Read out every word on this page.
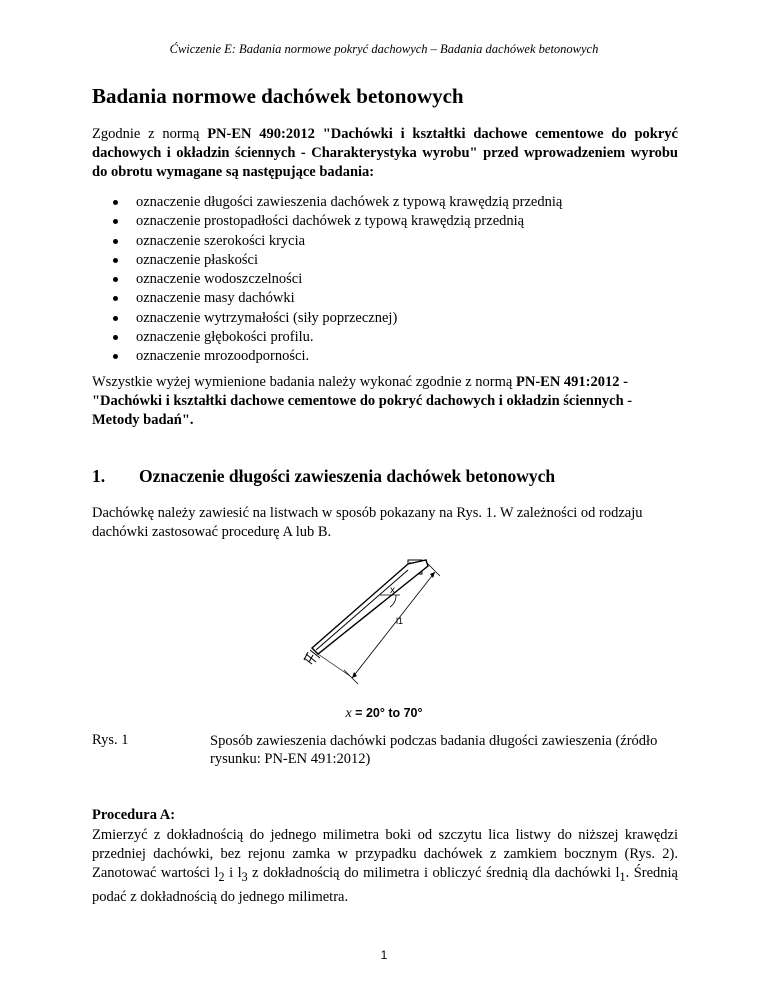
Ćwiczenie E: Badania normowe pokryć dachowych – Badania dachówek betonowych
Badania normowe dachówek betonowych

Zgodnie z normą PN-EN 490:2012 "Dachówki i kształtki dachowe cementowe do pokryć dachowych i okładzin ściennych - Charakterystyka wyrobu" przed wprowadzeniem wyrobu do obrotu wymagane są następujące badania:

oznaczenie długości zawieszenia dachówek z typową krawędzią przednią
oznaczenie prostopadłości dachówek z typową krawędzią przednią
oznaczenie szerokości krycia
oznaczenie płaskości
oznaczenie wodoszczelności
oznaczenie masy dachówki
oznaczenie wytrzymałości (siły poprzecznej)
oznaczenie głębokości profilu.
oznaczenie mrozoodporności.

Wszystkie wyżej wymienione badania należy wykonać zgodnie z normą PN-EN 491:2012 -
"Dachówki i kształtki dachowe cementowe do pokryć dachowych i okładzin ściennych - Metody badań".

1. Oznaczenie długości zawieszenia dachówek betonowych

Dachówkę należy zawiesić na listwach w sposób pokazany na Rys. 1. W zależności od rodzaju dachówki zastosować procedurę A lub B.

x
l1
x = 20° to 70°
Rys. 1	Sposób zawieszenia dachówki podczas badania długości zawieszenia (źródło rysunku: PN-EN 491:2012)
Procedura A:

Zmierzyć z dokładnością do jednego milimetra boki od szczytu lica listwy do niższej krawędzi przedniej dachówki, bez rejonu zamka w przypadku dachówek z zamkiem bocznym (Rys. 2). Zanotować wartości $l_2$ i $l_3$ z dokładnością do milimetra i obliczyć średnią dla dachówki $l_1$. Średnią podać z dokładnością do jednego milimetra.

1
